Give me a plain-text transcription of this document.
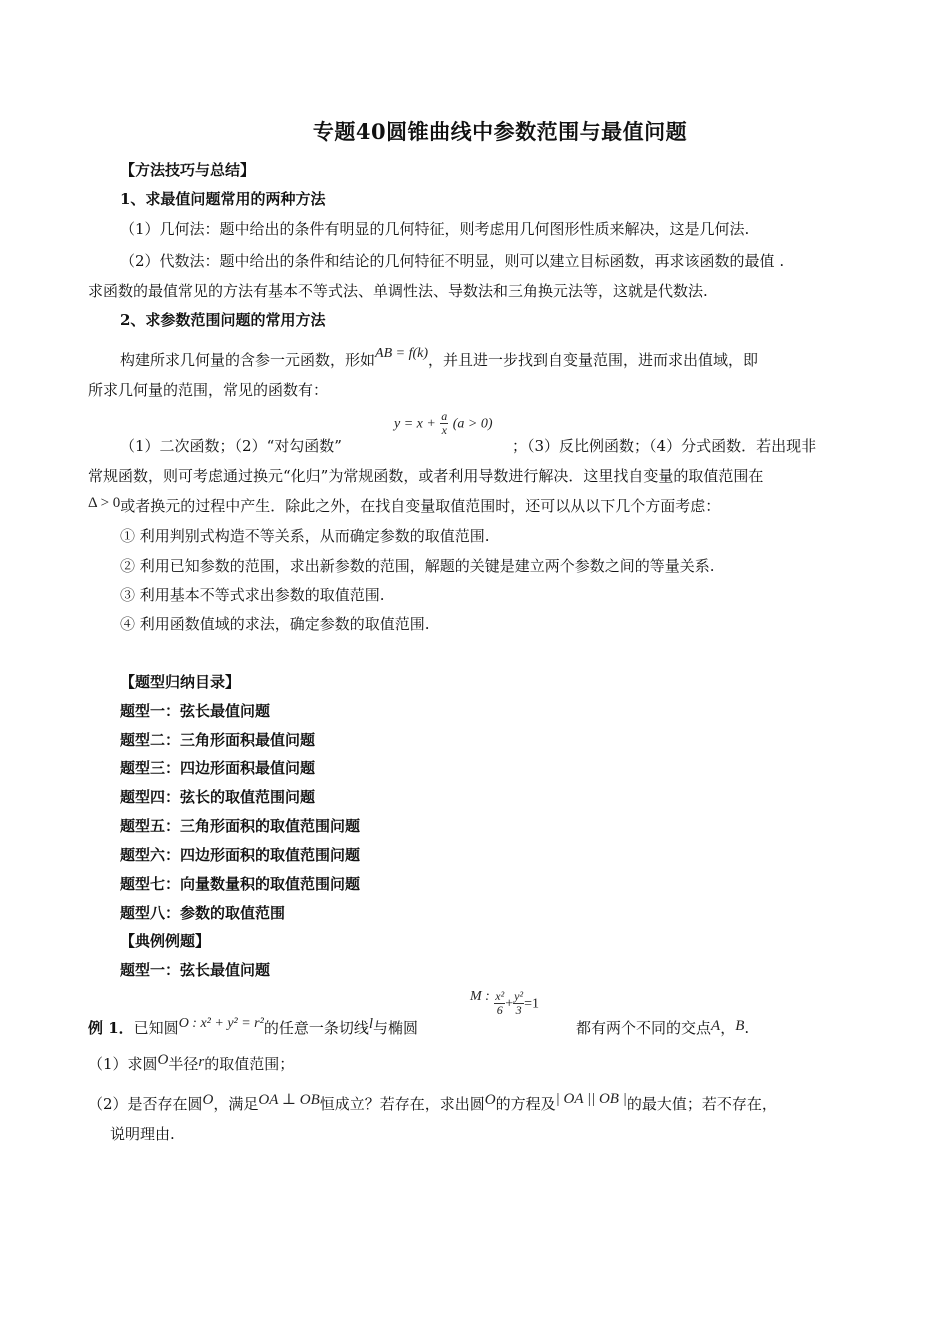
专题40圆锥曲线中参数范围与最值问题
【方法技巧与总结】
1、求最值问题常用的两种方法
（1）几何法：题中给出的条件有明显的几何特征，则考虑用几何图形性质来解决，这是几何法.
（2）代数法：题中给出的条件和结论的几何特征不明显，则可以建立目标函数，再求该函数的最值 .
求函数的最值常见的方法有基本不等式法、单调性法、导数法和三角换元法等，这就是代数法.
2、求参数范围问题的常用方法
构建所求几何量的含参一元函数，形如AB = f(k)，并且进一步找到自变量范围，进而求出值域，即
所求几何量的范围，常见的函数有：
$y = x + \frac{a}{x} (a > 0)$
（1）二次函数；（2）“对勾函数”	；（3）反比例函数；（4）分式函数．若出现非
常规函数，则可考虑通过换元“化归”为常规函数，或者利用导数进行解决．这里找自变量的取值范围在
Δ > 0或者换元的过程中产生．除此之外，在找自变量取值范围时，还可以从以下几个方面考虑：
① 利用判别式构造不等关系，从而确定参数的取值范围.
② 利用已知参数的范围，求出新参数的范围，解题的关键是建立两个参数之间的等量关系.
③ 利用基本不等式求出参数的取值范围.
④ 利用函数值域的求法，确定参数的取值范围.
【题型归纳目录】
题型一：弦长最值问题
题型二：三角形面积最值问题
题型三：四边形面积最值问题
题型四：弦长的取值范围问题
题型五：三角形面积的取值范围问题
题型六：四边形面积的取值范围问题
题型七：向量数量积的取值范围问题
题型八：参数的取值范围
【典例例题】
题型一：弦长最值问题
例 1．已知圆O : x² + y² = r²的任意一条切线l与椭圆
M : $\frac{\text{x²}}{6} + \frac{\text{y²}}{3} =1$
都有两个不同的交点A，B.
（1）求圆O半径r的取值范围；
（2）是否存在圆O，满足OA ⊥ OB恒成立？若存在，求出圆O的方程及| OA || OB |的最大值；若不存在，
说明理由.
